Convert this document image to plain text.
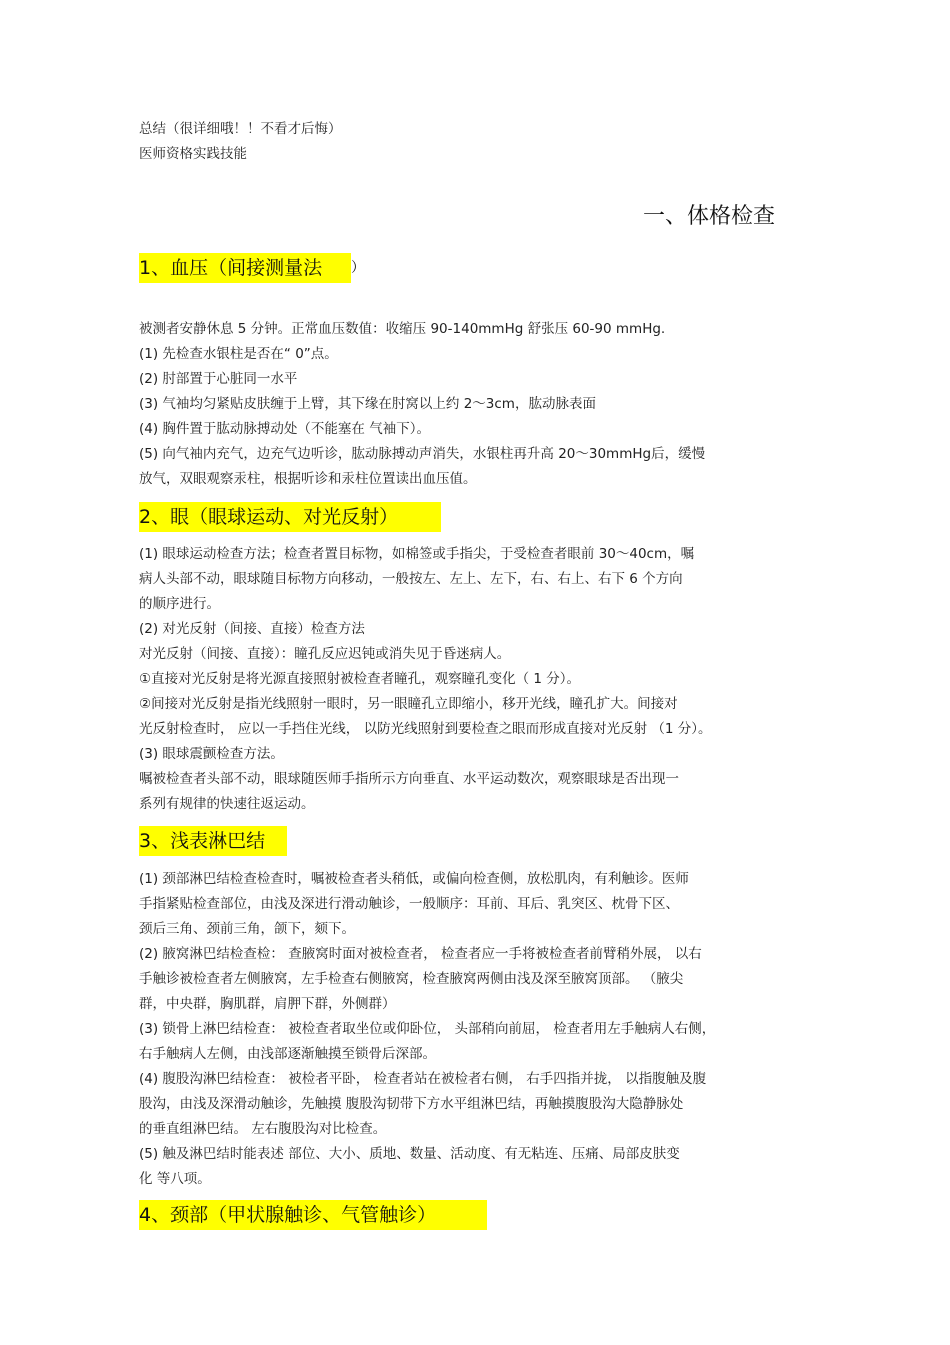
总结（很详细哦！！不看才后悔）
医师资格实践技能
一、体格检查
1、血压（间接测量法 ）
被测者安静休息 5 分钟。正常血压数值：收缩压 90-140mmHg 舒张压 60-90 mmHg.
(1) 先检查水银柱是否在“ 0”点。
(2) 肘部置于心脏同一水平
(3) 气袖均匀紧贴皮肤缠于上臂，其下缘在肘窝以上约 2～3cm，肱动脉表面
(4) 胸件置于肱动脉搏动处（不能塞在 气袖下）。
(5) 向气袖内充气，边充气边听诊，肱动脉搏动声消失，水银柱再升高 20～30mmHg后，缓慢
放气，双眼观察汞柱，根据听诊和汞柱位置读出血压值。
2、眼（眼球运动、对光反射）
(1) 眼球运动检查方法；检查者置目标物，如棉签或手指尖，于受检查者眼前 30～40cm，嘱
病人头部不动，眼球随目标物方向移动，一般按左、左上、左下，右、右上、右下 6 个方向
的顺序进行。
(2) 对光反射（间接、直接）检查方法
对光反射（间接、直接）：瞳孔反应迟钝或消失见于昏迷病人。
①直接对光反射是将光源直接照射被检查者瞳孔，观察瞳孔变化（ 1 分）。
②间接对光反射是指光线照射一眼时，另一眼瞳孔立即缩小，移开光线，瞳孔扩大。间接对
光反射检查时， 应以一手挡住光线， 以防光线照射到要检查之眼而形成直接对光反射 （1 分）。
(3) 眼球震颤检查方法。
嘱被检查者头部不动，眼球随医师手指所示方向垂直、水平运动数次，观察眼球是否出现一
系列有规律的快速往返运动。
3、浅表淋巴结
(1) 颈部淋巴结检查检查时，嘱被检查者头稍低，或偏向检查侧，放松肌肉，有利触诊。医师
手指紧贴检查部位，由浅及深进行滑动触诊，一般顺序：耳前、耳后、乳突区、枕骨下区、
颈后三角、颈前三角，颌下，颏下。
(2) 腋窝淋巴结检查检： 查腋窝时面对被检查者， 检查者应一手将被检查者前臂稍外展， 以右
手触诊被检查者左侧腋窝，左手检查右侧腋窝，检查腋窝两侧由浅及深至腋窝顶部。 （腋尖
群，中央群，胸肌群，肩胛下群，外侧群）
(3) 锁骨上淋巴结检查： 被检查者取坐位或仰卧位， 头部稍向前屈， 检查者用左手触病人右侧，
右手触病人左侧，由浅部逐渐触摸至锁骨后深部。
(4) 腹股沟淋巴结检查： 被检者平卧， 检查者站在被检者右侧， 右手四指并拢， 以指腹触及腹
股沟，由浅及深滑动触诊，先触摸 腹股沟韧带下方水平组淋巴结，再触摸腹股沟大隐静脉处
的垂直组淋巴结。 左右腹股沟对比检查。
(5) 触及淋巴结时能表述 部位、大小、质地、数量、活动度、有无粘连、压痛、局部皮肤变
化 等八项。
4、颈部（甲状腺触诊、气管触诊）
